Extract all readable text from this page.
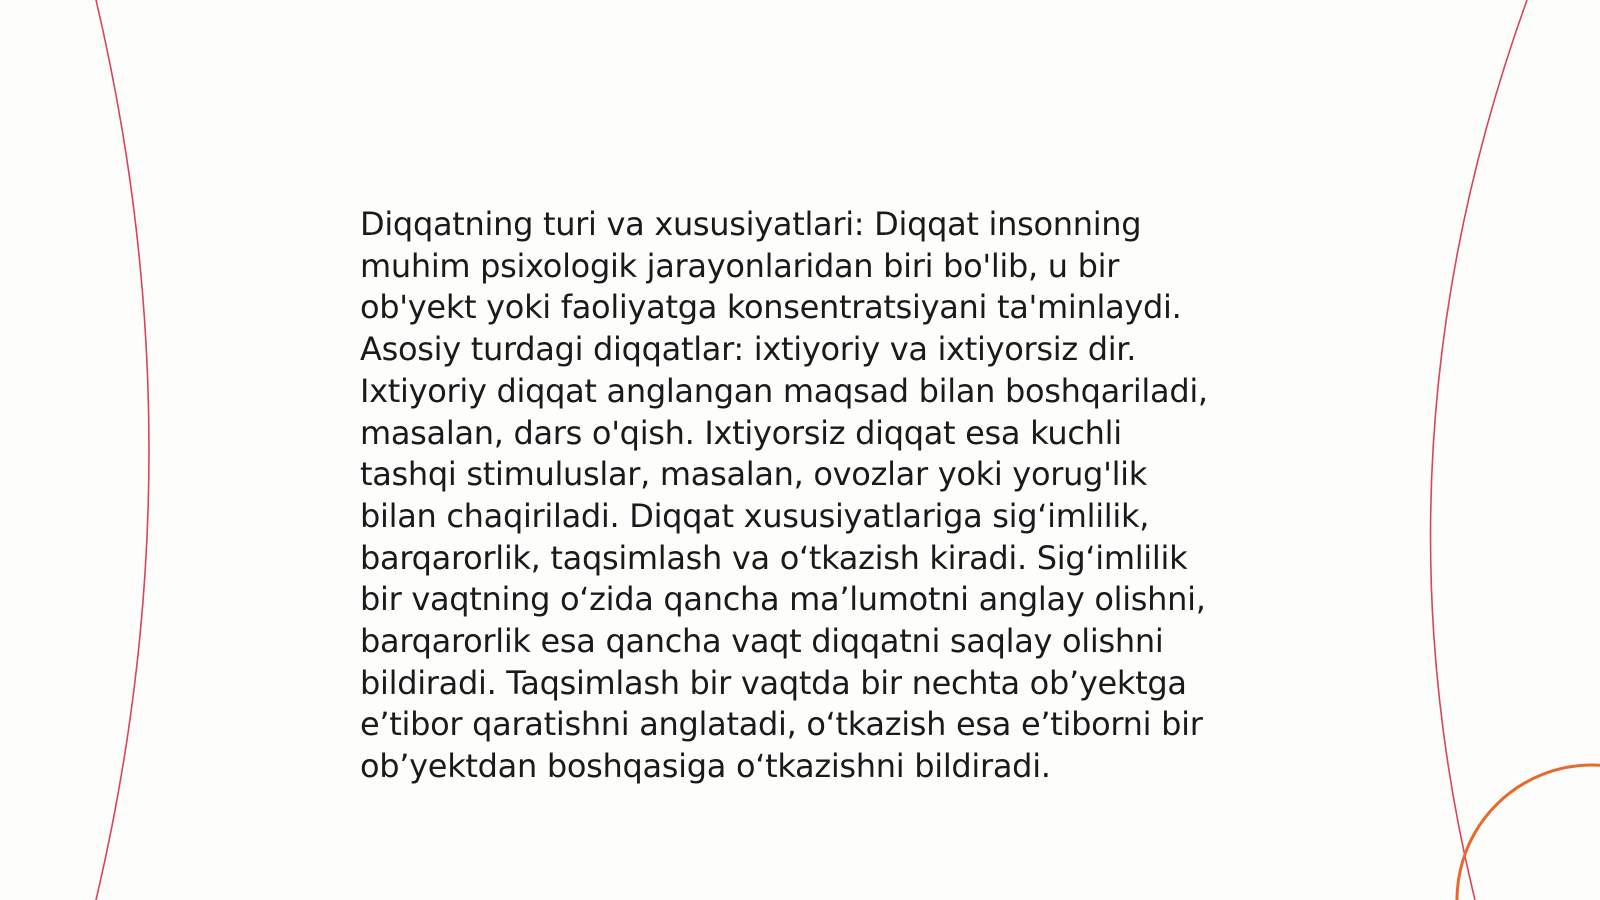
Diqqatning turi va xususiyatlari: Diqqat insonning
muhim psixologik jarayonlaridan biri bo'lib, u bir
ob'yekt yoki faoliyatga konsentratsiyani ta'minlaydi.
Asosiy turdagi diqqatlar: ixtiyoriy va ixtiyorsiz dir.
Ixtiyoriy diqqat anglangan maqsad bilan boshqariladi,
masalan, dars o'qish. Ixtiyorsiz diqqat esa kuchli
tashqi stimuluslar, masalan, ovozlar yoki yorug'lik
bilan chaqiriladi. Diqqat xususiyatlariga sig‘imlilik,
barqarorlik, taqsimlash va o‘tkazish kiradi. Sig‘imlilik
bir vaqtning o‘zida qancha ma’lumotni anglay olishni,
barqarorlik esa qancha vaqt diqqatni saqlay olishni
bildiradi. Taqsimlash bir vaqtda bir nechta ob’yektga
e’tibor qaratishni anglatadi, o‘tkazish esa e’tiborni bir
ob’yektdan boshqasiga o‘tkazishni bildiradi.
